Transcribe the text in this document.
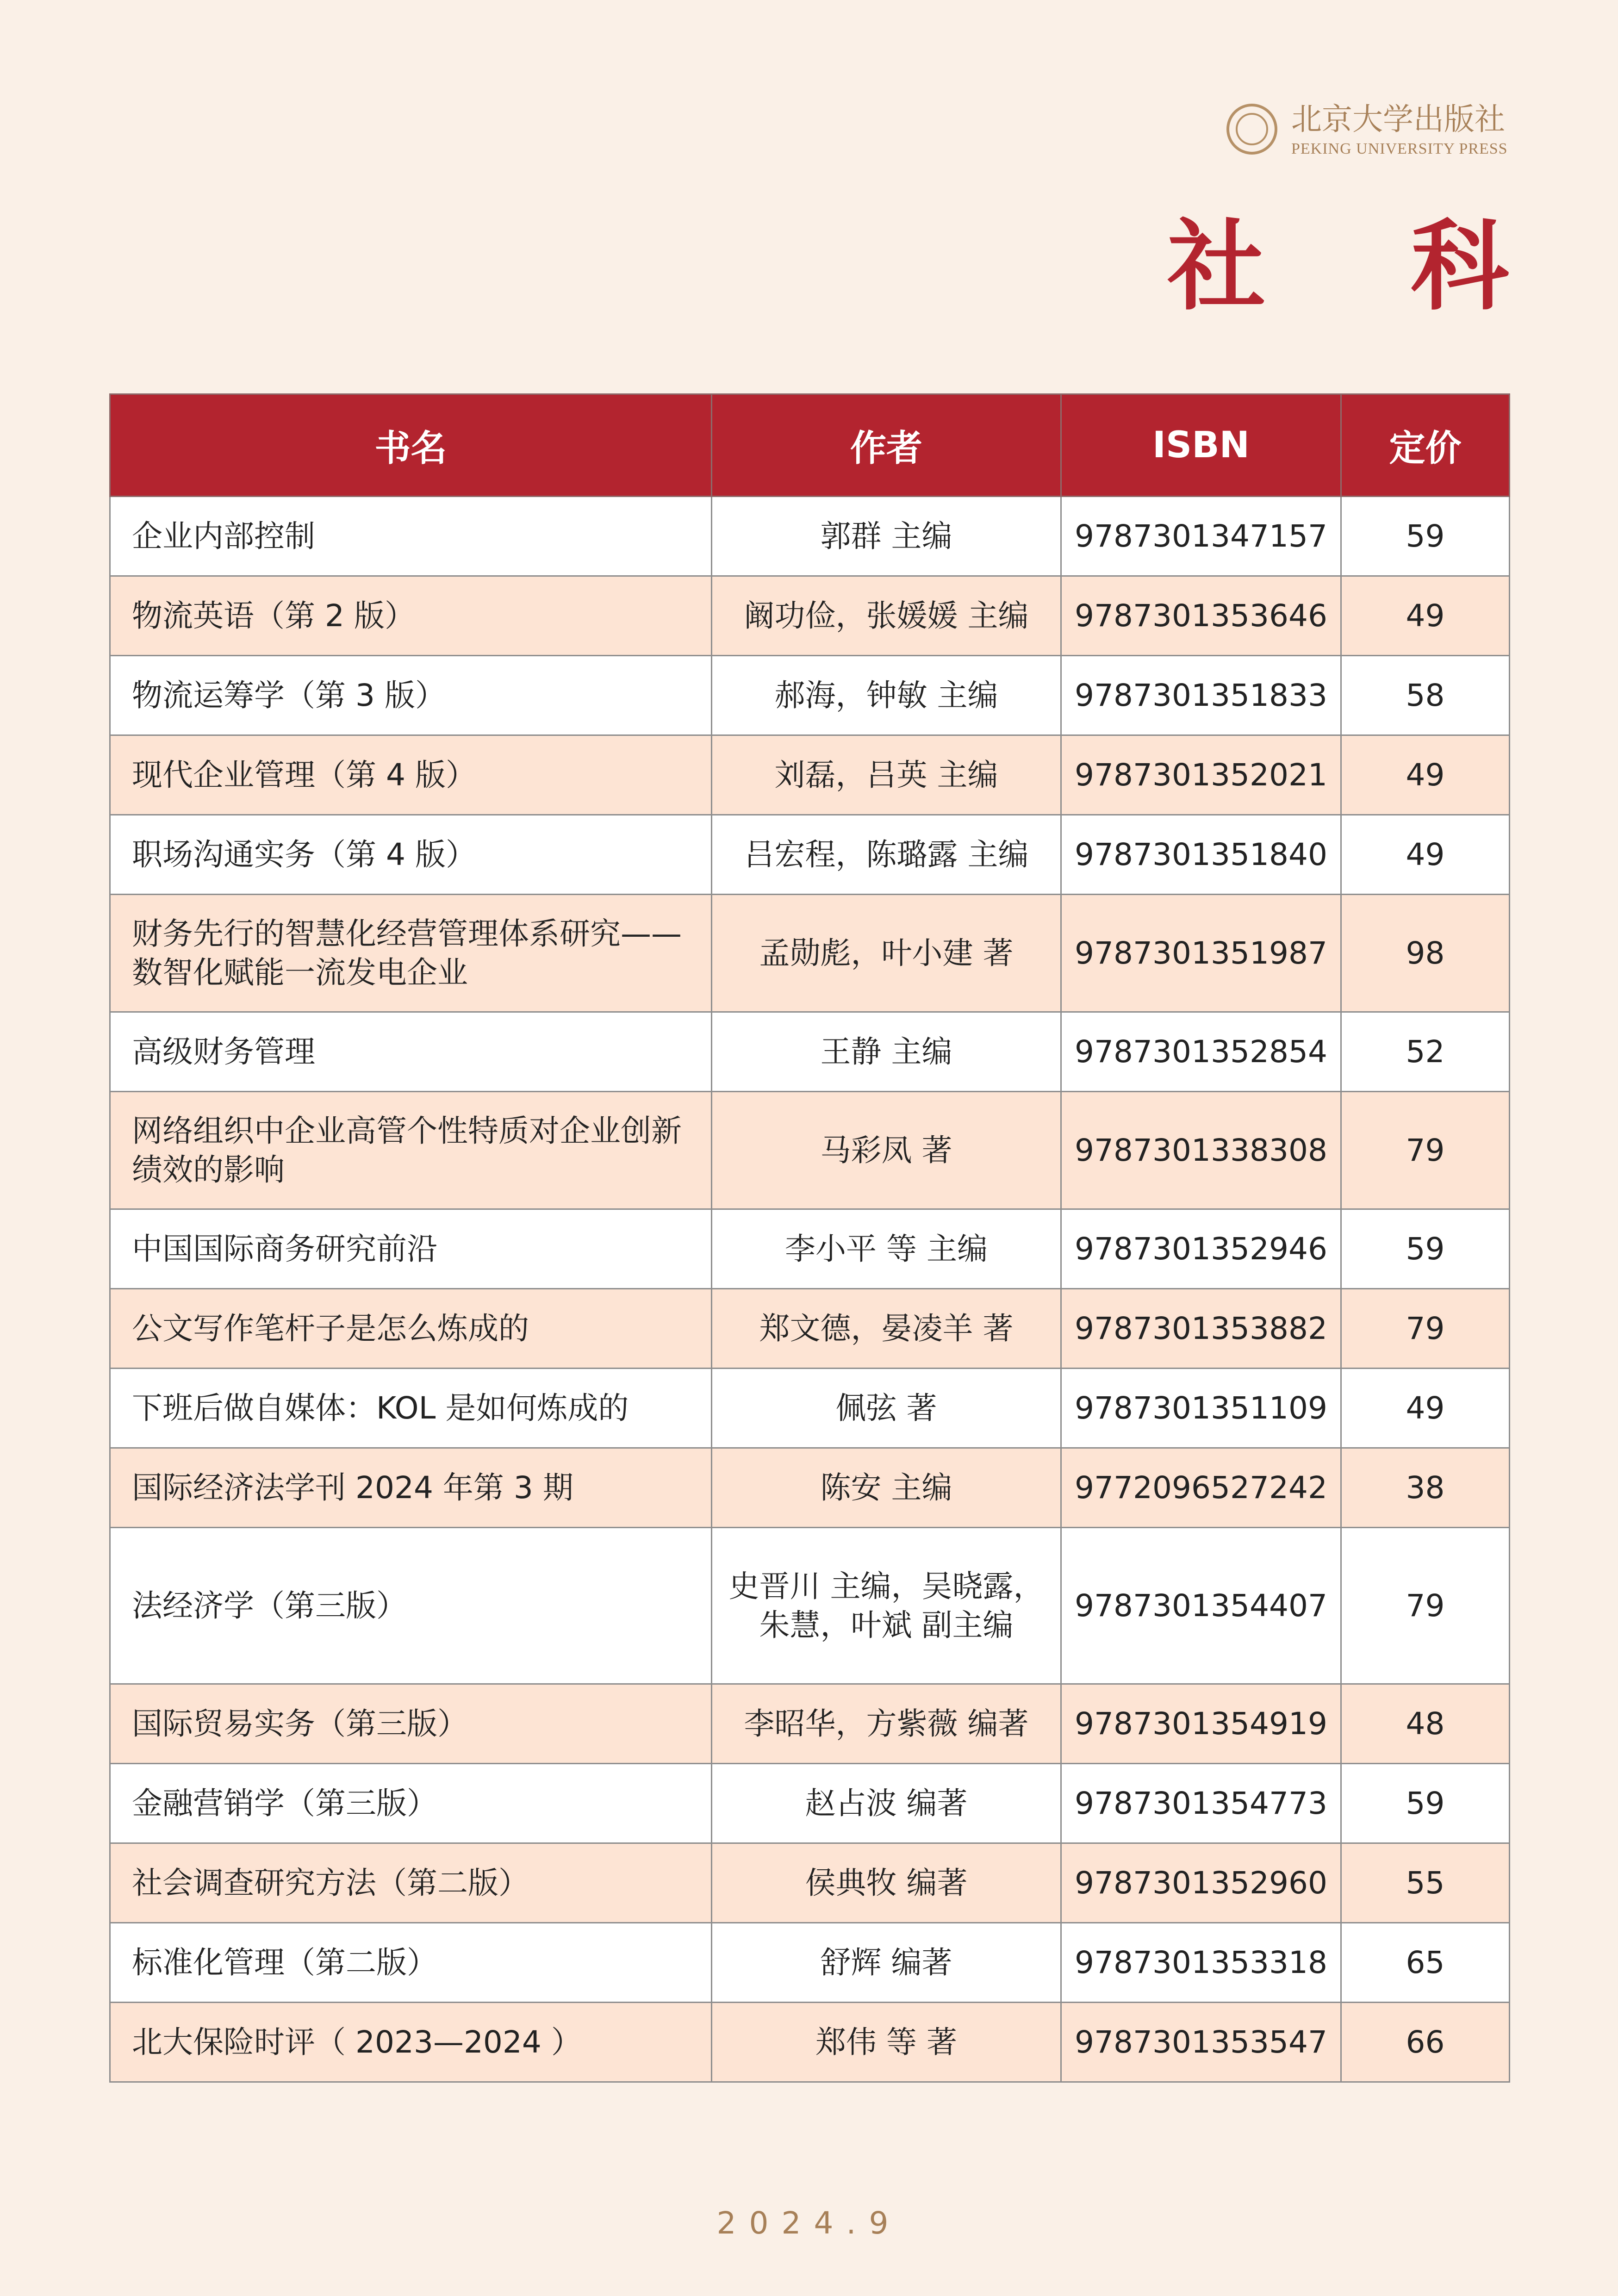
北京大学出版社
PEKING UNIVERSITY PRESS
社 科
书名	作者	ISBN	定价
企业内部控制	郭群 主编	9787301347157	59
物流英语（第 2 版）	阚功俭，张媛媛 主编	9787301353646	49
物流运筹学（第 3 版）	郝海，钟敏 主编	9787301351833	58
现代企业管理（第 4 版）	刘磊，吕英 主编	9787301352021	49
职场沟通实务（第 4 版）	吕宏程，陈璐露 主编	9787301351840	49
财务先行的智慧化经营管理体系研究——数智化赋能一流发电企业	孟勋彪，叶小建 著	9787301351987	98
高级财务管理	王静 主编	9787301352854	52
网络组织中企业高管个性特质对企业创新绩效的影响	马彩凤 著	9787301338308	79
中国国际商务研究前沿	李小平 等 主编	9787301352946	59
公文写作笔杆子是怎么炼成的	郑文德，晏凌羊 著	9787301353882	79
下班后做自媒体：KOL 是如何炼成的	佩弦 著	9787301351109	49
国际经济法学刊 2024 年第 3 期	陈安 主编	9772096527242	38
法经济学（第三版）	史晋川 主编，吴晓露，朱慧，叶斌 副主编	9787301354407	79
国际贸易实务（第三版）	李昭华，方紫薇 编著	9787301354919	48
金融营销学（第三版）	赵占波 编著	9787301354773	59
社会调查研究方法（第二版）	侯典牧 编著	9787301352960	55
标准化管理（第二版）	舒辉 编著	9787301353318	65
北大保险时评（ 2023—2024 ）	郑伟 等 著	9787301353547	66
2024.9
